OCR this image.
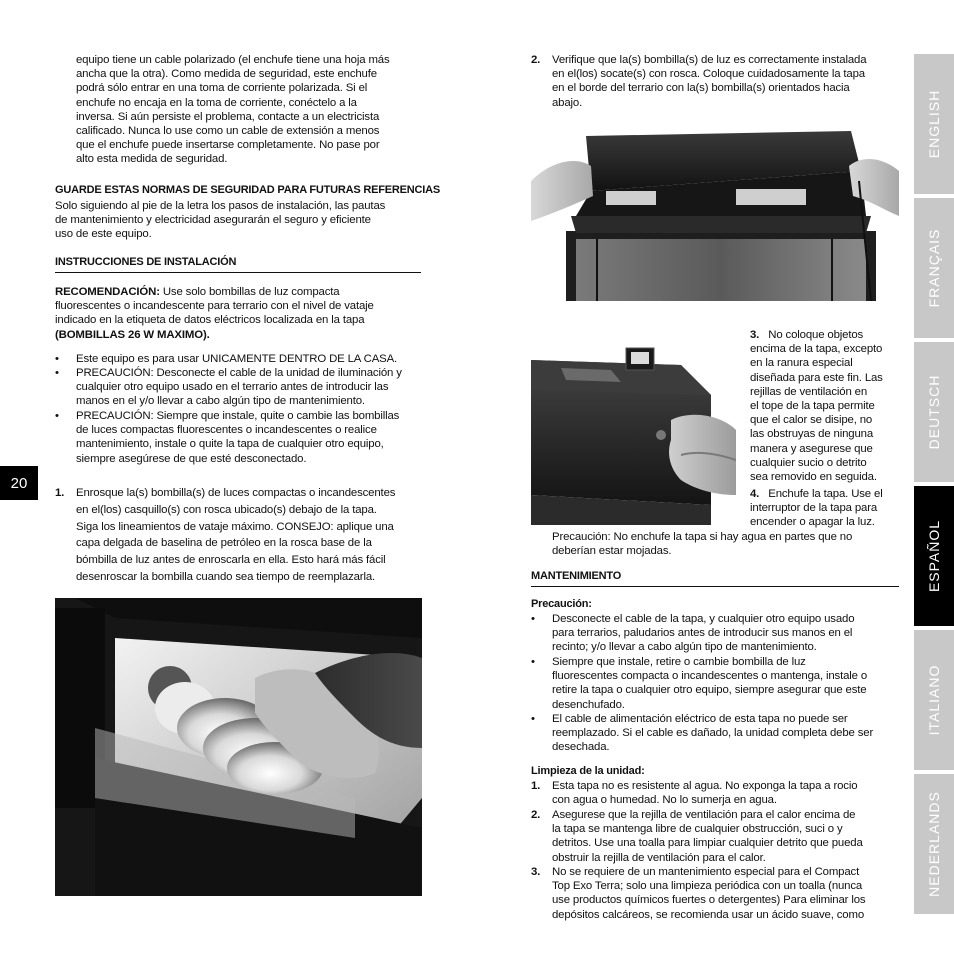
equipo tiene un cable polarizado (el enchufe tiene una hoja más
ancha que la otra). Como medida de seguridad, este enchufe
podrá sólo entrar en una toma de corriente polarizada. Si el
enchufe no encaja en la toma de corriente, conéctelo a la
inversa. Si aún persiste el problema, contacte a un electricista
calificado. Nunca lo use como un cable de extensión a menos
que el enchufe puede insertarse completamente. No pase por
alto esta medida de seguridad.
GUARDE ESTAS NORMAS DE SEGURIDAD PARA FUTURAS REFERENCIAS
Solo siguiendo al pie de la letra los pasos de instalación, las pautas
de mantenimiento y electricidad asegurarán el seguro y eficiente
uso de este equipo.
INSTRUCCIONES DE INSTALACIÓN
RECOMENDACIÓN: Use solo bombillas de luz compacta
fluorescentes o incandescente para terrario con el nivel de vataje
indicado en la etiqueta de datos eléctricos localizada en la tapa
(BOMBILLAS 26 W MAXIMO).
• Este equipo es para usar UNICAMENTE DENTRO DE LA CASA.
• PRECAUCIÓN: Desconecte el cable de la unidad de iluminación y
cualquier otro equipo usado en el terrario antes de introducir las
manos en el y/o llevar a cabo algún tipo de mantenimiento.
• PRECAUCIÓN: Siempre que instale, quite o cambie las bombillas
de luces compactas fluorescentes o incandescentes o realice
mantenimiento, instale o quite la tapa de cualquier otro equipo,
siempre asegúrese de que esté desconectado.
1. Enrosque la(s) bombilla(s) de luces compactas o incandescentes
en el(los) casquillo(s) con rosca ubicado(s) debajo de la tapa.
Siga los lineamientos de vataje máximo. CONSEJO: aplique una
capa delgada de baselina de petróleo en la rosca base de la
bómbilla de luz antes de enroscarla en ella. Esto hará más fácil
desenroscar la bombilla cuando sea tiempo de reemplazarla.
2. Verifique que la(s) bombilla(s) de luz es correctamente instalada
en el(los) socate(s) con rosca. Coloque cuidadosamente la tapa
en el borde del terrario con la(s) bombilla(s) orientados hacia
abajo.
3. No coloque objetos
encima de la tapa, excepto
en la ranura especial
diseñada para este fin. Las
rejillas de ventilación en
el tope de la tapa permite
que el calor se disipe, no
las obstruyas de ninguna
manera y asegurese que
cualquier sucio o detrito
sea removido en seguida.
4. Enchufe la tapa. Use el
interruptor de la tapa para
encender o apagar la luz.
Precaución: No enchufe la tapa si hay agua en partes que no
deberían estar mojadas.
MANTENIMIENTO
Precaución:
• Desconecte el cable de la tapa, y cualquier otro equipo usado
para terrarios, paludarios antes de introducir sus manos en el
recinto; y/o llevar a cabo algún tipo de mantenimiento.
• Siempre que instale, retire o cambie bombilla de luz
fluorescentes compacta o incandescentes o mantenga, instale o
retire la tapa o cualquier otro equipo, siempre asegurar que este
desenchufado.
• El cable de alimentación eléctrico de esta tapa no puede ser
reemplazado. Si el cable es dañado, la unidad completa debe ser
desechada.
Limpieza de la unidad:
1. Esta tapa no es resistente al agua. No exponga la tapa a rocio
con agua o humedad. No lo sumerja en agua.
2. Asegurese que la rejilla de ventilación para el calor encima de
la tapa se mantenga libre de cualquier obstrucción, suci o y
detritos. Use una toalla para limpiar cualquier detrito que pueda
obstruir la rejilla de ventilación para el calor.
3. No se requiere de un mantenimiento especial para el Compact
Top Exo Terra; solo una limpieza periódica con un toalla (nunca
use productos químicos fuertes o detergentes) Para eliminar los
depósitos calcáreos, se recomienda usar un ácido suave, como
20
ENGLISH
FRANÇAIS
DEUTSCH
ESPAÑOL
ITALIANO
NEDERLANDS
